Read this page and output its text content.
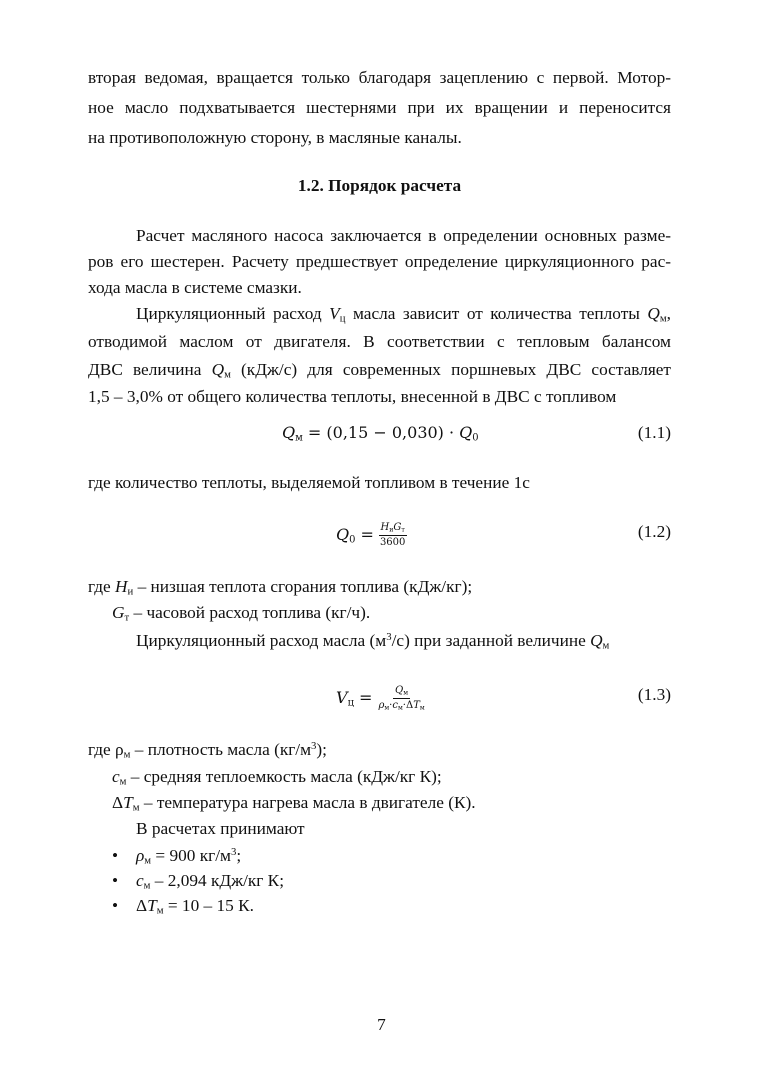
1.2. Порядок расчета
вторая ведомая, вращается только благодаря зацеплению с первой. Мотор-
ное масло подхватывается шестернями при их вращении и переносится
на противоположную сторону, в масляные каналы.
Расчет масляного насоса заключается в определении основных разме-
ров его шестерен. Расчету предшествует определение циркуляционного рас-
хода масла в системе смазки.
Циркуляционный расход $V_ц$ масла зависит от количества теплоты $Q_м$,
отводимой маслом от двигателя. В соответствии с тепловым балансом
ДВС величина $Q_м$ (кДж/с) для современных поршневых ДВС составляет
1,5 – 3,0% от общего количества теплоты, внесенной в ДВС с топливом
где количество теплоты, выделяемой топливом в течение 1с
где $H_и$ – низшая теплота сгорания топлива (кДж/кг);
$G_т$ – часовой расход топлива (кг/ч).
Циркуляционный расход масла $(м^3/с)$ при заданной величине $Q_м$
где $\rho_м$ – плотность масла $(кг/м^3)$;
$c_м$ – средняя теплоемкость масла (кДж/кг К);
$\Delta T_м$ – температура нагрева масла в двигателе (К).
В расчетах принимают
$\rho_м = 900$ $кг/м^3$;
$c_м - 2,094$ кДж/кг К;
$\Delta T_м = 10 - 15$ К.
$Q_м = (0,15 - 0,030) \cdot Q_0$	(1.1)
$Q_0 = \frac{H_иG_т}{3600}$	(1.2)
$V_ц = \frac{Q_м}{\rho_м\cdot c_м\cdot\Delta T_м}$	(1.3)
•
•
•
7
